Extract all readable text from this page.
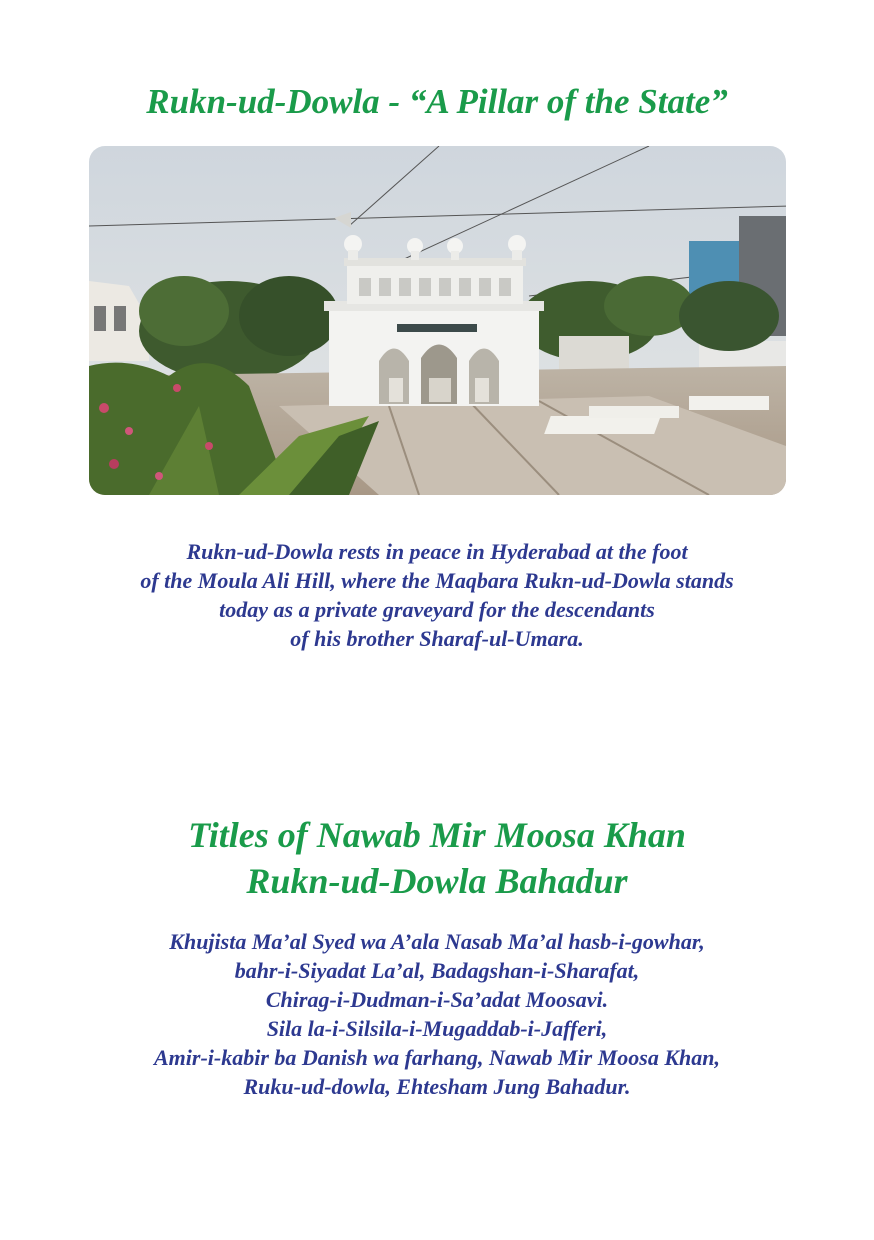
Rukn-ud-Dowla - “A Pillar of the State”
Rukn-ud-Dowla rests in peace in Hyderabad at the foot
of the Moula Ali Hill, where the Maqbara Rukn-ud-Dowla stands
today as a private graveyard for the descendants
of his brother Sharaf-ul-Umara.
Titles of Nawab Mir Moosa Khan
Rukn-ud-Dowla Bahadur
Khujista Ma’al Syed wa A’ala Nasab Ma’al hasb-i-gowhar,
bahr-i-Siyadat La’al, Badagshan-i-Sharafat,
Chirag-i-Dudman-i-Sa’adat Moosavi.
Sila la-i-Silsila-i-Mugaddab-i-Jafferi,
Amir-i-kabir ba Danish wa farhang, Nawab Mir Moosa Khan,
Ruku-ud-dowla, Ehtesham Jung Bahadur.
